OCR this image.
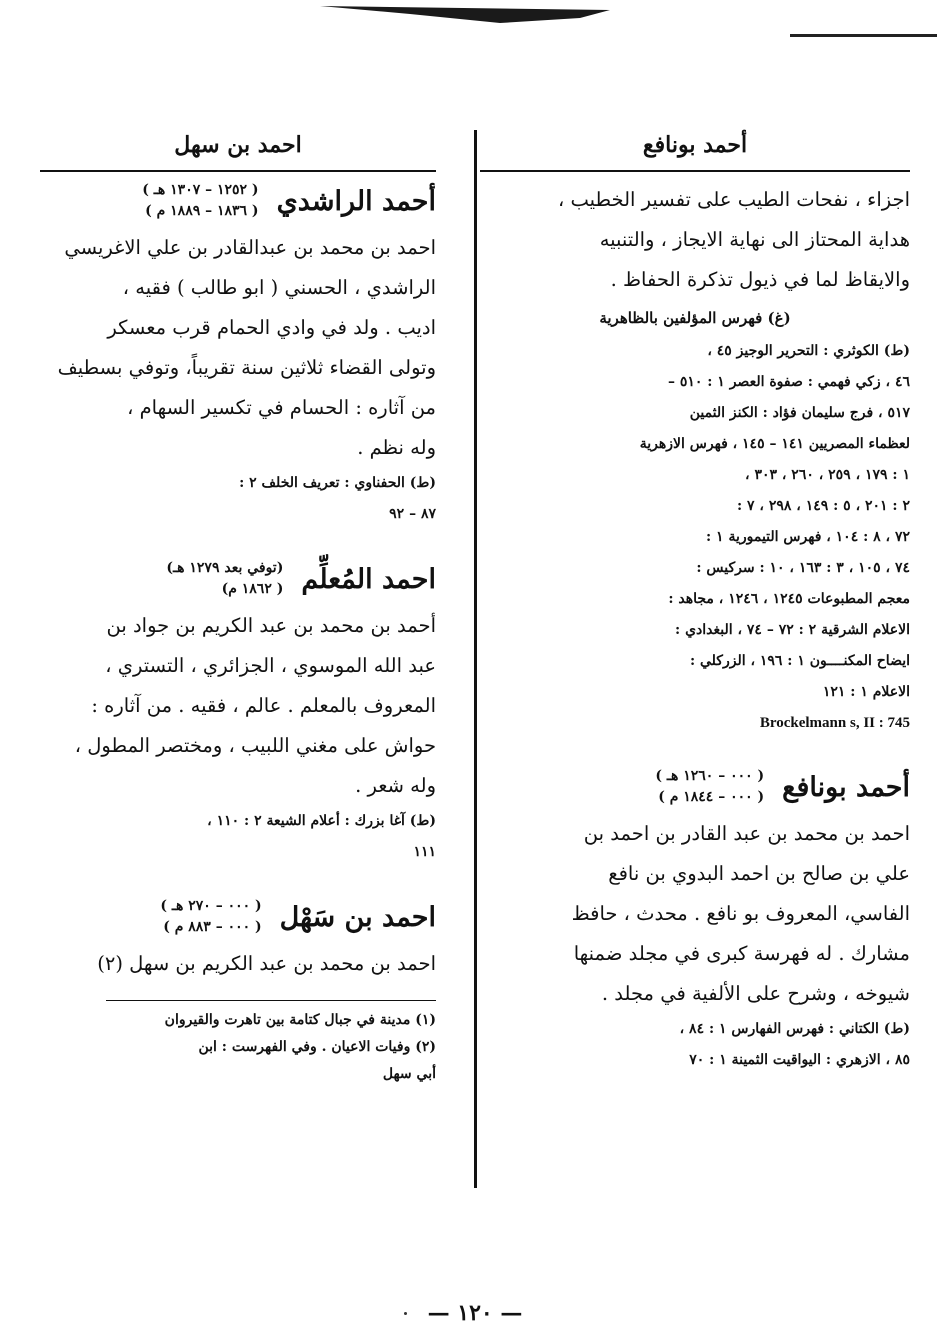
أحمد بونافع
اجزاء ، نفحات الطيب على تفسير الخطيب ،
هداية المحتاز الى نهاية الايجاز ، والتنبيه
والايقاظ لما في ذيول تذكرة الحفاظ .
(غ) فهرس المؤلفين بالظاهرية
(ط) الكوثري : التحرير الوجيز ٤٥ ،
٤٦ ، زكي فهمي : صفوة العصر ١ : ٥١٠ –
٥١٧ ، فرج سليمان فؤاد : الكنز الثمين
لعظماء المصريين ١٤١ – ١٤٥ ، فهرس الازهرية
١ : ١٧٩ ، ٢٥٩ ، ٢٦٠ ، ٣٠٣ ،
٢ : ٢٠١ ، ٥ : ١٤٩ ، ٢٩٨ ، ٧ :
٧٢ ، ٨ : ١٠٤ ، فهرس التيمورية ١ :
٧٤ ، ١٠٥ ، ٣ : ١٦٣ ، ١٠ : سركيس :
معجم المطبوعات ١٢٤٥ ، ١٢٤٦ ، مجاهد :
الاعلام الشرقية ٢ : ٧٢ – ٧٤ ، البغدادي :
ايضاح المكنــــون ١ : ١٩٦ ، الزركلي :
الاعلام ١ : ١٢١
Brockelmann s, II : 745
أحمد بونافع
( ٠٠٠ – ١٢٦٠ هـ )
( ٠٠٠ – ١٨٤٤ م )
احمد بن محمد بن عبد القادر بن احمد بن
علي بن صالح بن احمد البدوي بن نافع
الفاسي، المعروف بو نافع . محدث ، حافظ
مشارك . له فهرسة كبرى في مجلد ضمنها
شيوخه ، وشرح على الألفية في مجلد .
(ط) الكتاني : فهرس الفهارس ١ : ٨٤ ،
٨٥ ، الازهري : اليواقيت الثمينة ١ : ٧٠
احمد بن سهل
أحمد الراشدي
( ١٢٥٢ – ١٣٠٧ هـ )
( ١٨٣٦ – ١٨٨٩ م )
احمد بن محمد بن عبدالقادر بن علي الاغريسي
الراشدي ، الحسني ( ابو طالب ) فقيه ،
اديب . ولد في وادي الحمام قرب معسكر
وتولى القضاء ثلاثين سنة تقريباً، وتوفي بسطيف
من آثاره : الحسام في تكسير السهام ،
وله نظم .
(ط) الحفناوي : تعريف الخلف ٢ :
٨٧ – ٩٢
احمد المُعلِّم
(توفي بعد ١٢٧٩ هـ)
( ١٨٦٢ م)
أحمد بن محمد بن عبد الكريم بن جواد بن
عبد الله الموسوي ، الجزائري ، التستري ،
المعروف بالمعلم . عالم ، فقيه . من آثاره :
حواش على مغني اللبيب ، ومختصر المطول ،
وله شعر .
(ط) آغا بزرك : أعلام الشيعة ٢ : ١١٠ ،
١١١
احمد بن سَهْل
( ٠٠٠ – ٢٧٠ هـ )
( ٠٠٠ – ٨٨٣ م )
احمد بن محمد بن عبد الكريم بن سهل (٢)
(١) مدينة في جبال كتامة بين تاهرت والقيروان
(٢) وفيات الاعيان . وفي الفهرست : ابن
أبي سهل
— ١٢٠ —
